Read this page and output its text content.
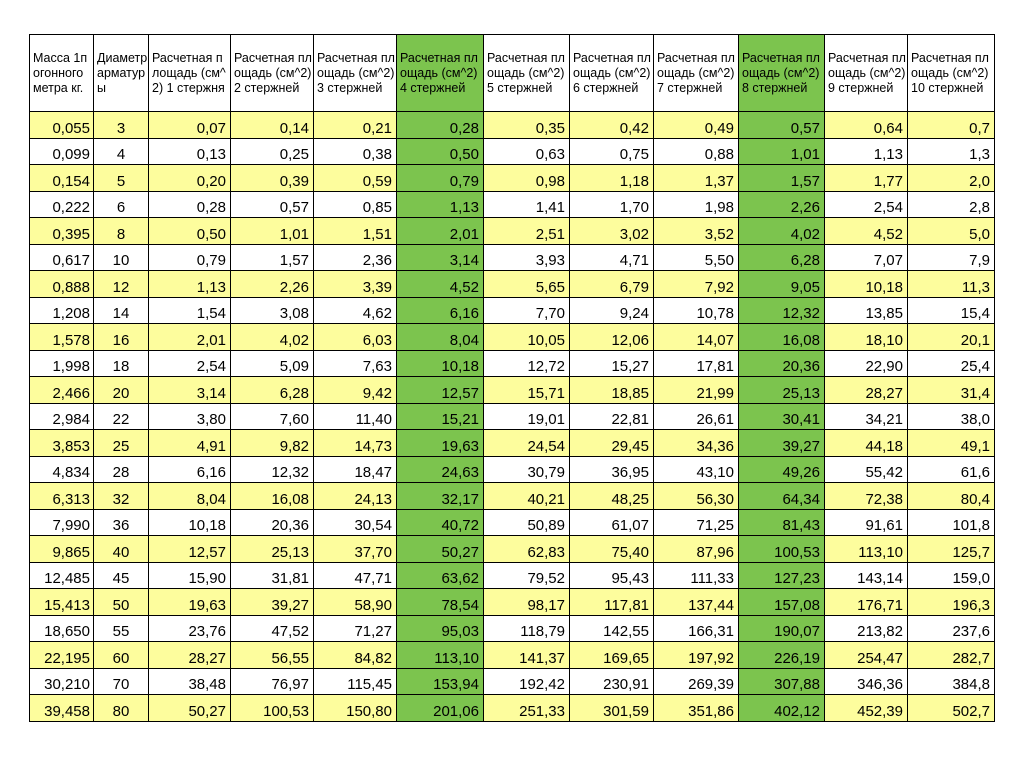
Масса 1погонного метра кг.	Диаметр арматуры	Расчетная площадь (см^2) 1 стержня	Расчетная площадь (см^2) 2 стержней	Расчетная площадь (см^2) 3 стержней	Расчетная площадь (см^2) 4 стержней	Расчетная площадь (см^2) 5 стержней	Расчетная площадь (см^2) 6 стержней	Расчетная площадь (см^2) 7 стержней	Расчетная площадь (см^2) 8 стержней	Расчетная площадь (см^2) 9 стержней	Расчетная площадь (см^2) 10 стержней
0,055	3	0,07	0,14	0,21	0,28	0,35	0,42	0,49	0,57	0,64	0,7
0,099	4	0,13	0,25	0,38	0,50	0,63	0,75	0,88	1,01	1,13	1,3
0,154	5	0,20	0,39	0,59	0,79	0,98	1,18	1,37	1,57	1,77	2,0
0,222	6	0,28	0,57	0,85	1,13	1,41	1,70	1,98	2,26	2,54	2,8
0,395	8	0,50	1,01	1,51	2,01	2,51	3,02	3,52	4,02	4,52	5,0
0,617	10	0,79	1,57	2,36	3,14	3,93	4,71	5,50	6,28	7,07	7,9
0,888	12	1,13	2,26	3,39	4,52	5,65	6,79	7,92	9,05	10,18	11,3
1,208	14	1,54	3,08	4,62	6,16	7,70	9,24	10,78	12,32	13,85	15,4
1,578	16	2,01	4,02	6,03	8,04	10,05	12,06	14,07	16,08	18,10	20,1
1,998	18	2,54	5,09	7,63	10,18	12,72	15,27	17,81	20,36	22,90	25,4
2,466	20	3,14	6,28	9,42	12,57	15,71	18,85	21,99	25,13	28,27	31,4
2,984	22	3,80	7,60	11,40	15,21	19,01	22,81	26,61	30,41	34,21	38,0
3,853	25	4,91	9,82	14,73	19,63	24,54	29,45	34,36	39,27	44,18	49,1
4,834	28	6,16	12,32	18,47	24,63	30,79	36,95	43,10	49,26	55,42	61,6
6,313	32	8,04	16,08	24,13	32,17	40,21	48,25	56,30	64,34	72,38	80,4
7,990	36	10,18	20,36	30,54	40,72	50,89	61,07	71,25	81,43	91,61	101,8
9,865	40	12,57	25,13	37,70	50,27	62,83	75,40	87,96	100,53	113,10	125,7
12,485	45	15,90	31,81	47,71	63,62	79,52	95,43	111,33	127,23	143,14	159,0
15,413	50	19,63	39,27	58,90	78,54	98,17	117,81	137,44	157,08	176,71	196,3
18,650	55	23,76	47,52	71,27	95,03	118,79	142,55	166,31	190,07	213,82	237,6
22,195	60	28,27	56,55	84,82	113,10	141,37	169,65	197,92	226,19	254,47	282,7
30,210	70	38,48	76,97	115,45	153,94	192,42	230,91	269,39	307,88	346,36	384,8
39,458	80	50,27	100,53	150,80	201,06	251,33	301,59	351,86	402,12	452,39	502,7
